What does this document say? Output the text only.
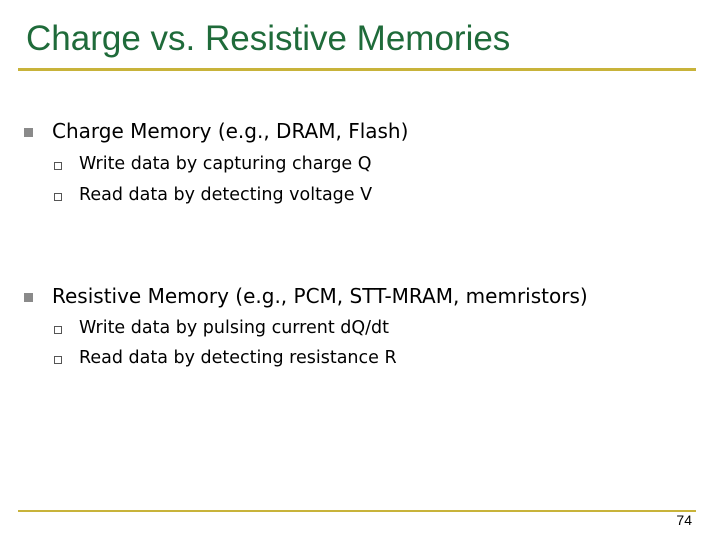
Charge vs. Resistive Memories
Charge Memory (e.g., DRAM, Flash)
Write data by capturing charge Q
Read data by detecting voltage V
Resistive Memory (e.g., PCM, STT-MRAM, memristors)
Write data by pulsing current dQ/dt
Read data by detecting resistance R
74
